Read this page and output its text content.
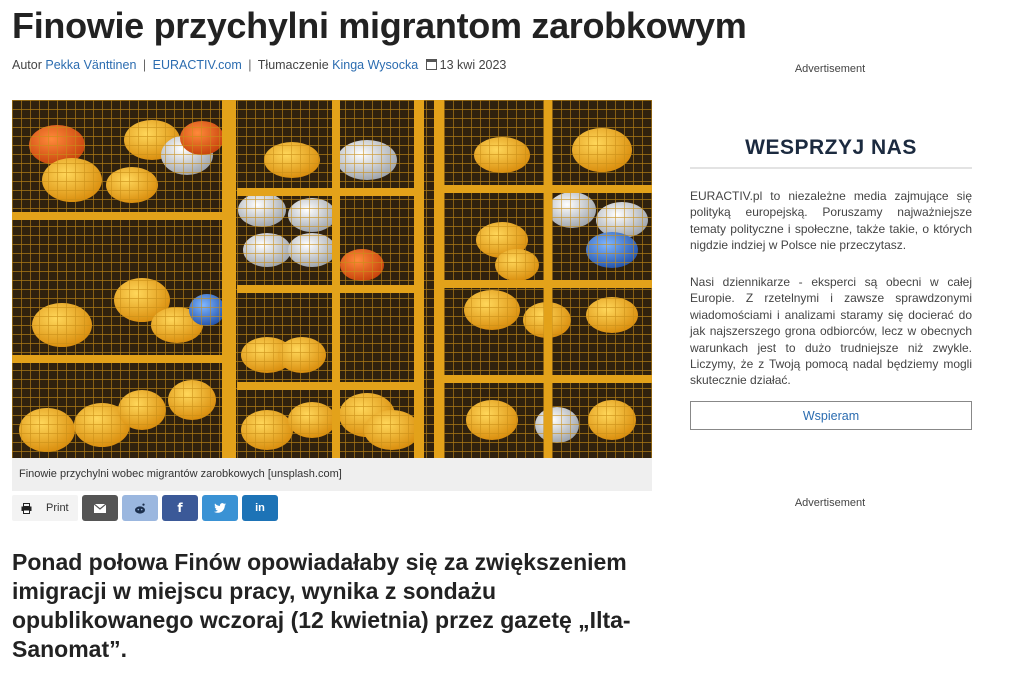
Finowie przychylni migrantom zarobkowym
Autor Pekka Vänttinen | EURACTIV.com | Tłumaczenie Kinga Wysocka 13 kwi 2023
Finowie przychylni wobec migrantów zarobkowych [unsplash.com]
Print	f	in

Ponad połowa Finów opowiadałaby się za zwiększeniem imigracji w miejscu pracy, wynika z sondażu opublikowanego wczoraj (12 kwietnia) przez gazetę „Ilta-Sanomat”.

Advertisement
WESPRZYJ NAS

EURACTIV.pl to niezależne media zajmujące się polityką europejską. Poruszamy najważniejsze tematy polityczne i społeczne, także takie, o których nigdzie indziej w Polsce nie przeczytasz.

Nasi dziennikarze - eksperci są obecni w całej Europie. Z rzetelnymi i zawsze sprawdzonymi wiadomościami i analizami staramy się docierać do jak najszerszego grona odbiorców, lecz w obecnych warunkach jest to dużo trudniejsze niż zwykle. Liczymy, że z Twoją pomocą nadal będziemy mogli skutecznie działać.

Wspieram
Advertisement
